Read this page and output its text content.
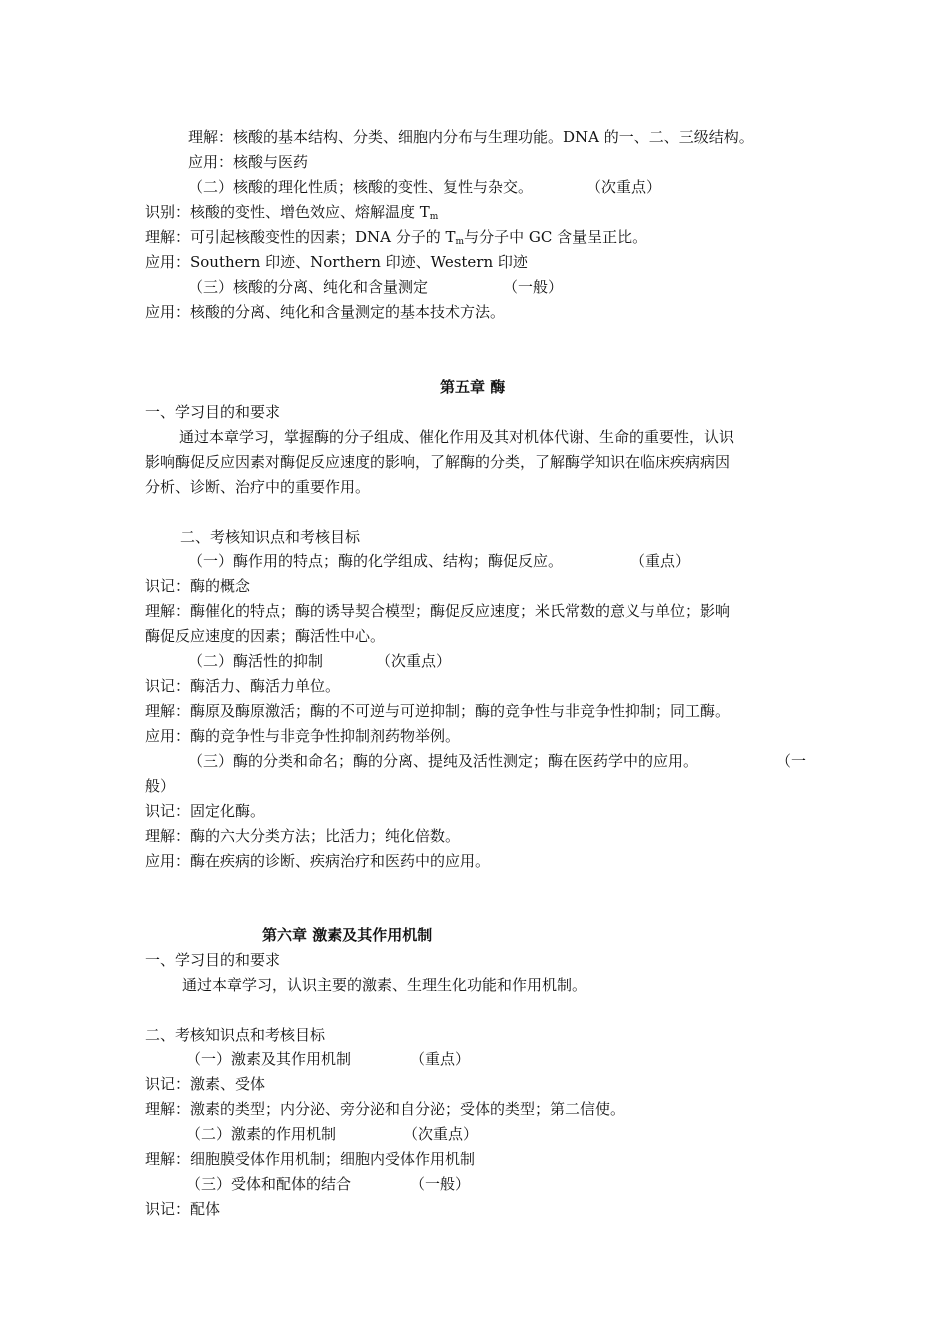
理解：核酸的基本结构、分类、细胞内分布与生理功能。DNA 的一、二、三级结构。
应用：核酸与医药
（二）核酸的理化性质；核酸的变性、复性与杂交。	（次重点）
识别：核酸的变性、增色效应、熔解温度 $T_m$
理解：可引起核酸变性的因素；DNA 分子的 $T_m$与分子中 GC 含量呈正比。
应用：Southern 印迹、Northern 印迹、Western 印迹
（三）核酸的分离、纯化和含量测定	（一般）
应用：核酸的分离、纯化和含量测定的基本技术方法。
第五章 酶
一、学习目的和要求
通过本章学习，掌握酶的分子组成、催化作用及其对机体代谢、生命的重要性，认识
影响酶促反应因素对酶促反应速度的影响，了解酶的分类，了解酶学知识在临床疾病病因
分析、诊断、治疗中的重要作用。
二、考核知识点和考核目标
（一）酶作用的特点；酶的化学组成、结构；酶促反应。	（重点）
识记：酶的概念
理解：酶催化的特点；酶的诱导契合模型；酶促反应速度；米氏常数的意义与单位；影响
酶促反应速度的因素；酶活性中心。
（二）酶活性的抑制	（次重点）
识记：酶活力、酶活力单位。
理解：酶原及酶原激活；酶的不可逆与可逆抑制；酶的竞争性与非竞争性抑制；同工酶。
应用：酶的竞争性与非竞争性抑制剂药物举例。
（三）酶的分类和命名；酶的分离、提纯及活性测定；酶在医药学中的应用。	（一
般）
识记：固定化酶。
理解：酶的六大分类方法；比活力；纯化倍数。
应用：酶在疾病的诊断、疾病治疗和医药中的应用。
第六章 激素及其作用机制
一、学习目的和要求
通过本章学习，认识主要的激素、生理生化功能和作用机制。
二、考核知识点和考核目标
（一）激素及其作用机制	（重点）
识记：激素、受体
理解：激素的类型；内分泌、旁分泌和自分泌；受体的类型；第二信使。
（二）激素的作用机制	（次重点）
理解：细胞膜受体作用机制；细胞内受体作用机制
（三）受体和配体的结合	（一般）
识记：配体
